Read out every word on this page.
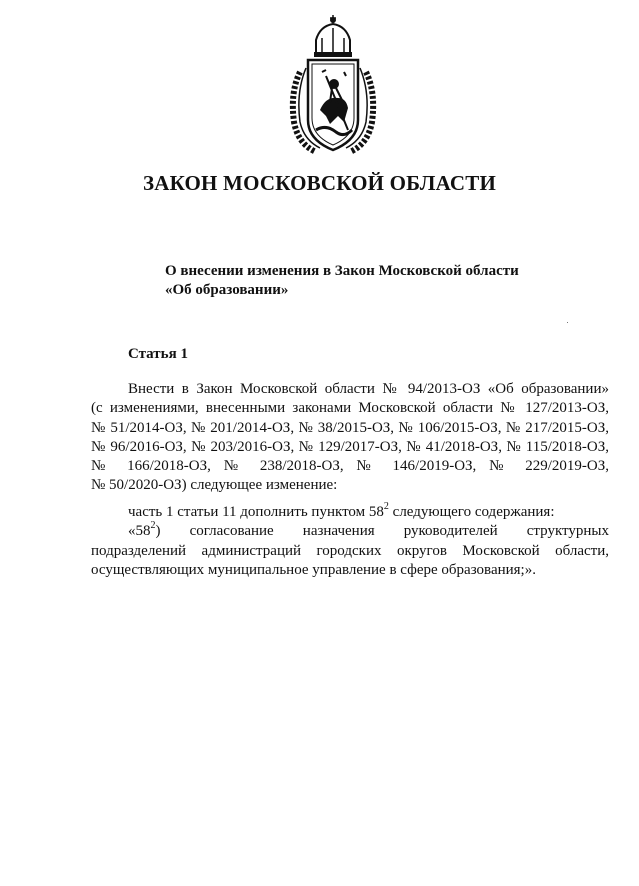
ЗАКОН МОСКОВСКОЙ ОБЛАСТИ
О внесении изменения в Закон Московской области
«Об образовании»
Статья 1
Внести в Закон Московской области № 94/2013-ОЗ «Об образовании»
(с изменениями, внесенными законами Московской области № 127/2013-ОЗ,
№ 51/2014-ОЗ, № 201/2014-ОЗ, № 38/2015-ОЗ, № 106/2015-ОЗ, № 217/2015-ОЗ,
№ 96/2016-ОЗ, № 203/2016-ОЗ, № 129/2017-ОЗ, № 41/2018-ОЗ, № 115/2018-ОЗ,
№ 166/2018-ОЗ, № 238/2018-ОЗ, № 146/2019-ОЗ, № 229/2019-ОЗ,
№ 50/2020-ОЗ) следующее изменение:
часть 1 статьи 11 дополнить пунктом $58^2$ следующего содержания:
«$58^2$) согласование назначения руководителей структурных
подразделений администраций городских округов Московской области,
осуществляющих муниципальное управление в сфере образования;».
